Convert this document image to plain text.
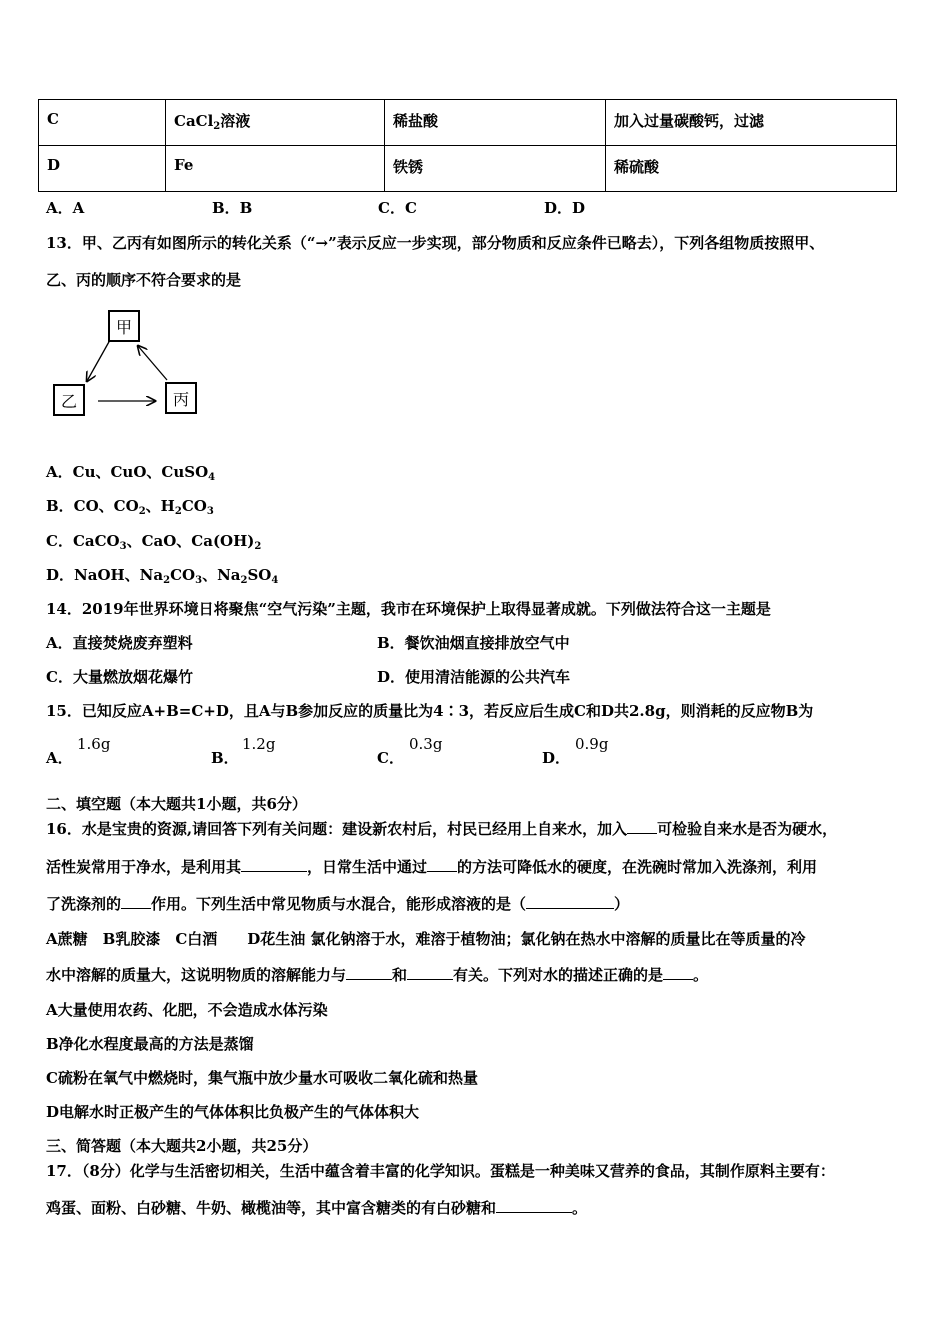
C	CaCl$_2$溶液	稀盐酸	加入过量碳酸钙，过滤
D	Fe	铁锈	稀硫酸
A．A	B．B	C．C	D．D
13．甲、乙丙有如图所示的转化关系（“→”表示反应一步实现，部分物质和反应条件已略去），下列各组物质按照甲、
乙、丙的顺序不符合要求的是
甲
乙	丙
A．Cu、CuO、CuSO$_4$
B．CO、$CO_2$、$H_2CO_3$
C．CaCO$_3$、CaO、$Ca(OH)_2$
D．NaOH、$Na_2CO_3$、$Na_2SO_4$
14．2019年世界环境日将聚焦“空气污染”主题，我市在环境保护上取得显著成就。下列做法符合这一主题是
A．直接焚烧废弃塑料	B．餐饮油烟直接排放空气中
C．大量燃放烟花爆竹	D．使用清洁能源的公共汽车
15．已知反应A+B=C+D，且A与B参加反应的质量比为4∶3，若反应后生成C和D共2.8g，则消耗的反应物B为
A．
1.6g
B．
1.2g
C．
0.3g
D．
0.9g
二、填空题（本大题共1小题，共6分）
16．水是宝贵的资源,请回答下列有关问题：建设新农村后，村民已经用上自来水，加入 可检验自来水是否为硬水，
活性炭常用于净水，是利用其	，日常生活中通过 的方法可降低水的硬度，在洗碗时常加入洗涤剂，利用
了洗涤剂的 作用。下列生活中常见物质与水混合，能形成溶液的是（	）
A蔗糖　B乳胶漆　C白酒　　D花生油 氯化钠溶于水，难溶于植物油；氯化钠在热水中溶解的质量比在等质量的冷
水中溶解的质量大，这说明物质的溶解能力与	和	有关。下列对水的描述正确的是 。
A大量使用农药、化肥，不会造成水体污染
B净化水程度最高的方法是蒸馏
C硫粉在氧气中燃烧时，集气瓶中放少量水可吸收二氧化硫和热量
D电解水时正极产生的气体体积比负极产生的气体体积大
三、简答题（本大题共2小题，共25分）
17．（8分）化学与生活密切相关，生活中蕴含着丰富的化学知识。蛋糕是一种美味又营养的食品，其制作原料主要有：
鸡蛋、面粉、白砂糖、牛奶、橄榄油等，其中富含糖类的有白砂糖和	。
